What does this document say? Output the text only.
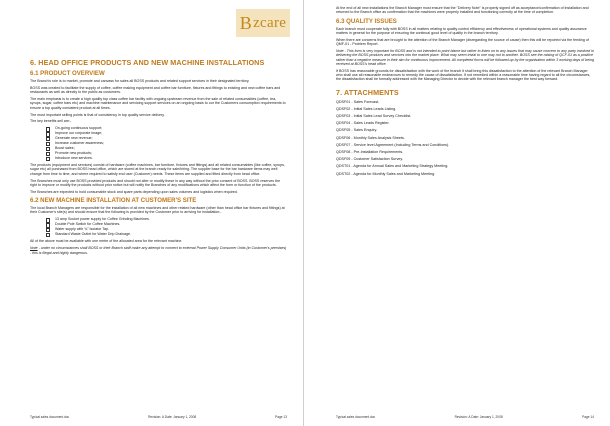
B zcare
6. HEAD OFFICE PRODUCTS AND NEW MACHINE INSTALLATIONS
6.1 PRODUCT OVERVIEW

The Branch's role is to market, promote and canvass for sales all BOSS products and related support services in their designated territory.

BOSS was created to facilitate the supply of coffee, coffee making equipment and coffee bar furniture, fixtures and fittings to existing and new coffee bars and restaurants as well as directly to the public as customers.

The main emphasis is to create a high quality top class coffee bar facility with ongoing upstream revenue from the sale of related consumables (coffee, tea, syrups, sugar, coffee bars etc) and machine maintenance and servicing support services on an ongoing basis to our the Customers consumption requirements to ensure a top quality consistent product at all times.

The most important selling points is that of consistency in top quality service delivery.

The key benefits sell are:-

On-going continuous support;
Improve our corporate image;
Generate new revenue;
Increase customer awareness;
Boost sales;
Promote new products;
Introduce new services.

The products (equipment and services) consist of hardware (coffee machines, bar furniture, fixtures and fittings) and all related consumables (like coffee, syrups, sugar etc) all purchased from BOSS head office, which are stored at the branch ready for sale/hiring. The supplier base for the bar hardware items may well change from time to time, and where required to satisfy end user (Customer) needs. These items are supplied and fitted directly from head office.

The Branches must only use BOSS provided products and should not alter or modify these in any way without the prior consent of BOSS. BOSS reserves the right to improve or modify the products without prior notice but will notify the Branches of any modifications which affect the form or function of the products.

The Branches are expected to hold consumable stock and spare parts depending upon sales volumes and logistics when required.

6.2 NEW MACHINE INSTALLATION AT CUSTOMER'S SITE

The local Branch Managers are responsible for the installation of all new machines and other related hardware (other than head office bar fixtures and fittings) at their Customer's site(s) and should ensure that the following is provided by the Customer prior to arriving for installation:-

13 amp Socket power supply for Coffee Grinding Machines.
Double Pole Switch for Coffee Machines.
Water supply with ¾" Isolator Tap.
Standard Waste Outlet for Water Drip Drainage.

All of the above must be available with one metre of the allocated area for the relevant machine.

Note - under no circumstances shall BOSS or their Branch staff make any attempt to connect to external Power Supply Consumer Units (in Customer's premises) - this is illegal and highly dangerous.

Typical sales document.doc	Revision: A Date: January 1, 2008	Page 13

At the end of all new installations the Branch Manager must ensure that the "Delivery Note" is properly signed off as acceptance/confirmation of installation and returned to the Branch office as confirmation that the machines were properly installed and functioning correctly at the time of completion.

6.3 QUALITY ISSUES

Each branch must cooperate fully with BOSS in all matters relating to quality control efficiency and effectiveness of operational systems and quality assurance matters in general for the purpose of ensuring the continual good level of quality in the branch territory.

When there are concerns that are brought to the attention of the Branch Manager (disregarding the source of cause) then this will be reported via the feeding of QMF-01 - Problem Report.

Note - This form is very important for BOSS and is not intended to point blame but rather to listen on to any issues that may cause concern to any party involved in delivering the BOSS products and services into the market place. What may seem trivial to one may not to another. BOSS see the raising of QCF-01 as a positive rather than a negative measure in their aim for continuous improvement. All completed forms will be followed-up by the organisation within 3 working days of being received at BOSS's head office.

If BOSS has reasonable grounds for dissatisfaction with the work of the branch it shall bring this dissatisfaction to the attention of the relevant Branch Manager who shall use all reasonable endeavours to remedy the cause of dissatisfaction. If not remedied within a reasonable time having regard to all the circumstances, the dissatisfaction shall be formally addressed with the Managing Director to decide with the relevant branch manager the best way forward.

7. ATTACHMENTS
QDSF01 - Sales Forecast.
QDSF02 - Initial Sales Leads Listing.
QDSF03 - Initial Sales Lead Survey Checklist.
QDSF04 - Sales Leads Register.
QDSF05 - Sales Enquiry.
QDSF06 - Monthly Sales Analysis Sheets.
QDSF07 - Service level Agreement (Including Terms and Conditions).
QDSF08 - Pre-Installation Requirements.
QDSF09 - Customer Satisfaction Survey.
QDST01 - Agenda for Annual Sales and Marketing Strategy Meeting.
QDST02 - Agenda for Monthly Sales and Marketing Meeting.
Typical sales document.doc	Revision: A Date: January 1, 2008	Page 14
